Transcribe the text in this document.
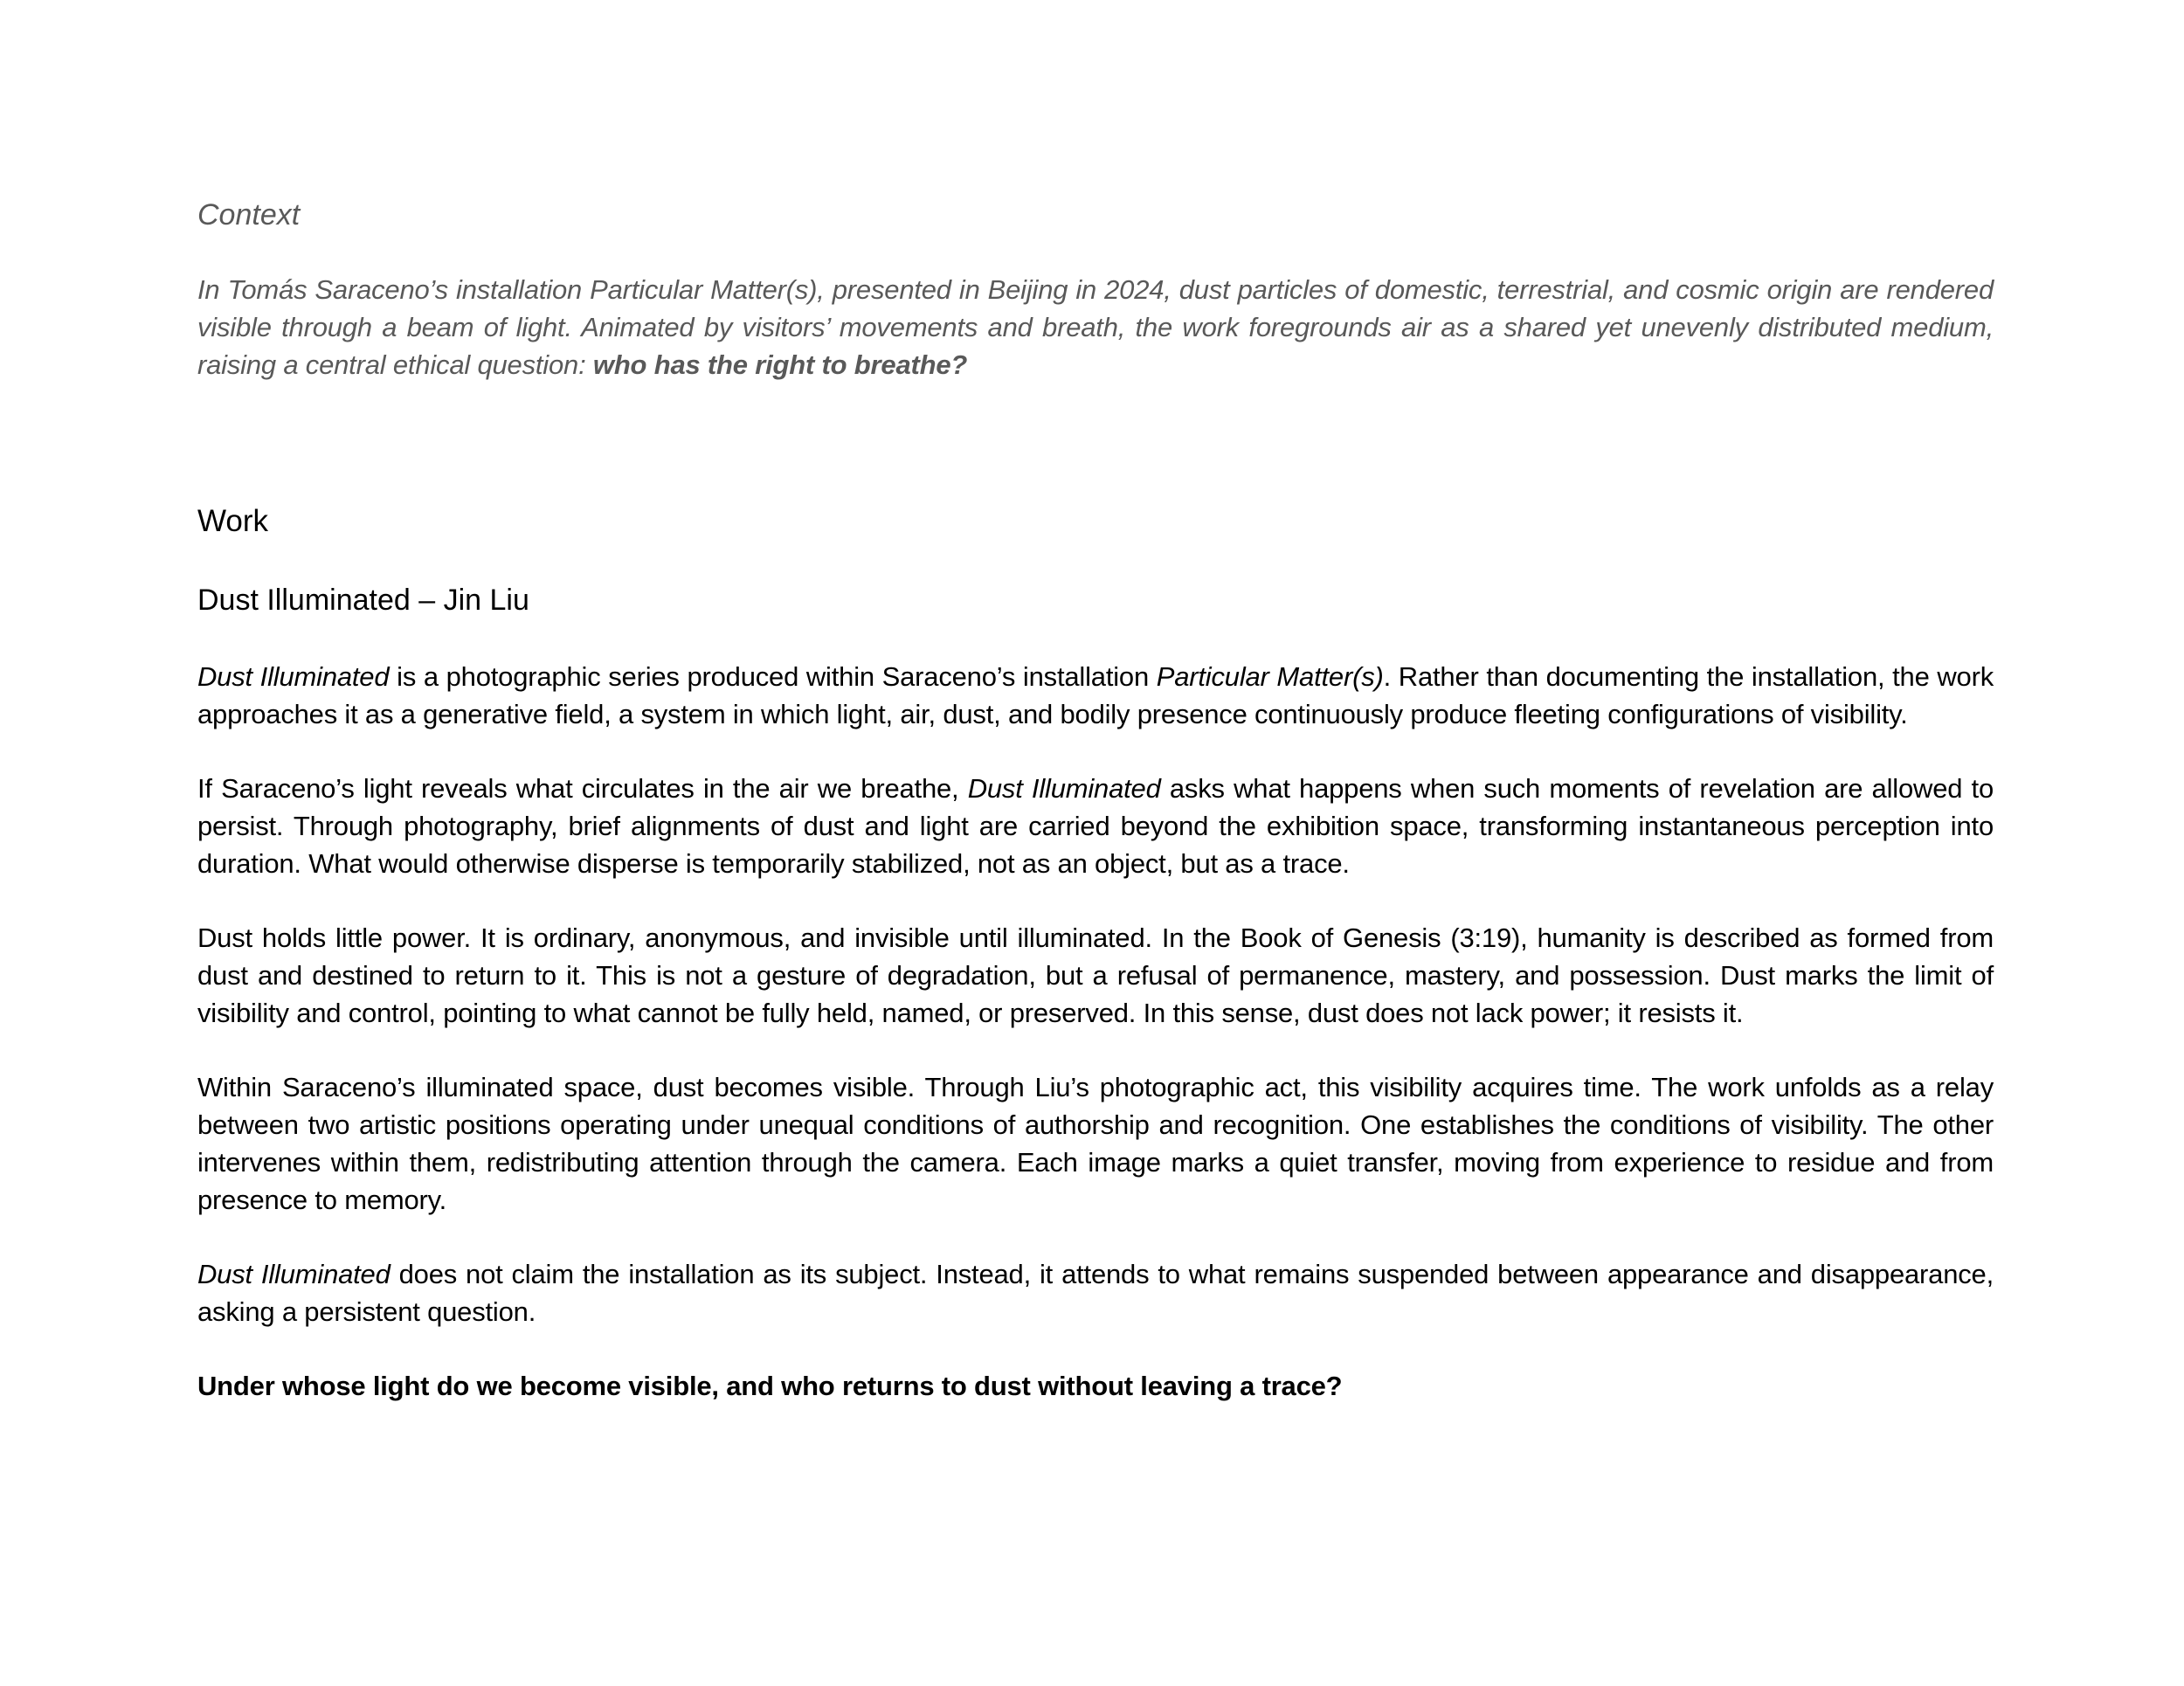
Context

In Tomás Saraceno’s installation Particular Matter(s), presented in Beijing in 2024, dust particles of domestic, terrestrial, and cosmic origin are rendered visible through a beam of light. Animated by visitors’ movements and breath, the work foregrounds air as a shared yet unevenly distributed medium, raising a central ethical question: who has the right to breathe?

Work
Dust Illuminated – Jin Liu

Dust Illuminated is a photographic series produced within Saraceno’s installation Particular Matter(s). Rather than documenting the installation, the work approaches it as a generative field, a system in which light, air, dust, and bodily presence continuously produce fleeting configurations of visibility.

If Saraceno’s light reveals what circulates in the air we breathe, Dust Illuminated asks what happens when such moments of revelation are allowed to persist. Through photography, brief alignments of dust and light are carried beyond the exhibition space, transforming instantaneous perception into duration. What would otherwise disperse is temporarily stabilized, not as an object, but as a trace.

Dust holds little power. It is ordinary, anonymous, and invisible until illuminated. In the Book of Genesis (3:19), humanity is described as formed from dust and destined to return to it. This is not a gesture of degradation, but a refusal of permanence, mastery, and possession. Dust marks the limit of visibility and control, pointing to what cannot be fully held, named, or preserved. In this sense, dust does not lack power; it resists it.

Within Saraceno’s illuminated space, dust becomes visible. Through Liu’s photographic act, this visibility acquires time. The work unfolds as a relay between two artistic positions operating under unequal conditions of authorship and recognition. One establishes the conditions of visibility. The other intervenes within them, redistributing attention through the camera. Each image marks a quiet transfer, moving from experience to residue and from presence to memory.

Dust Illuminated does not claim the installation as its subject. Instead, it attends to what remains suspended between appearance and disappearance, asking a persistent question.

Under whose light do we become visible, and who returns to dust without leaving a trace?
